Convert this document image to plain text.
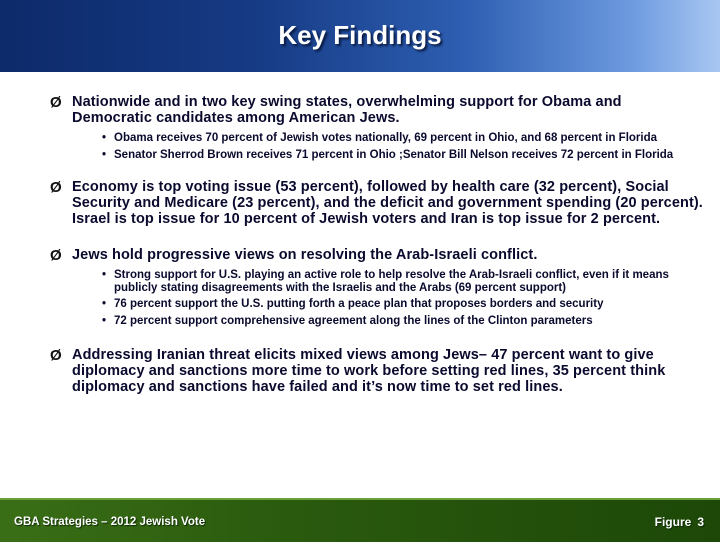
Key Findings
Ø Nationwide and in two key swing states, overwhelming support for Obama and Democratic candidates among American Jews.

• Obama receives 70 percent of Jewish votes nationally, 69 percent in Ohio, and 68 percent in Florida
• Senator Sherrod Brown receives 71 percent in Ohio ;Senator Bill Nelson receives 72 percent in Florida
Ø Economy is top voting issue (53 percent), followed by health care (32 percent), Social Security and Medicare (23 percent), and the deficit and government spending (20 percent). Israel is top issue for 10 percent of Jewish voters and Iran is top issue for 2 percent.

Ø Jews hold progressive views on resolving the Arab-Israeli conflict.

• Strong support for U.S. playing an active role to help resolve the Arab-Israeli conflict, even if it means publicly stating disagreements with the Israelis and the Arabs (69 percent support)
• 76 percent support the U.S. putting forth a peace plan that proposes borders and security
• 72 percent support comprehensive agreement along the lines of the Clinton parameters
Ø Addressing Iranian threat elicits mixed views among Jews– 47 percent want to give diplomacy and sanctions more time to work before setting red lines, 35 percent think diplomacy and sanctions have failed and it’s now time to set red lines.

GBA Strategies – 2012 Jewish Vote	Figure 3
